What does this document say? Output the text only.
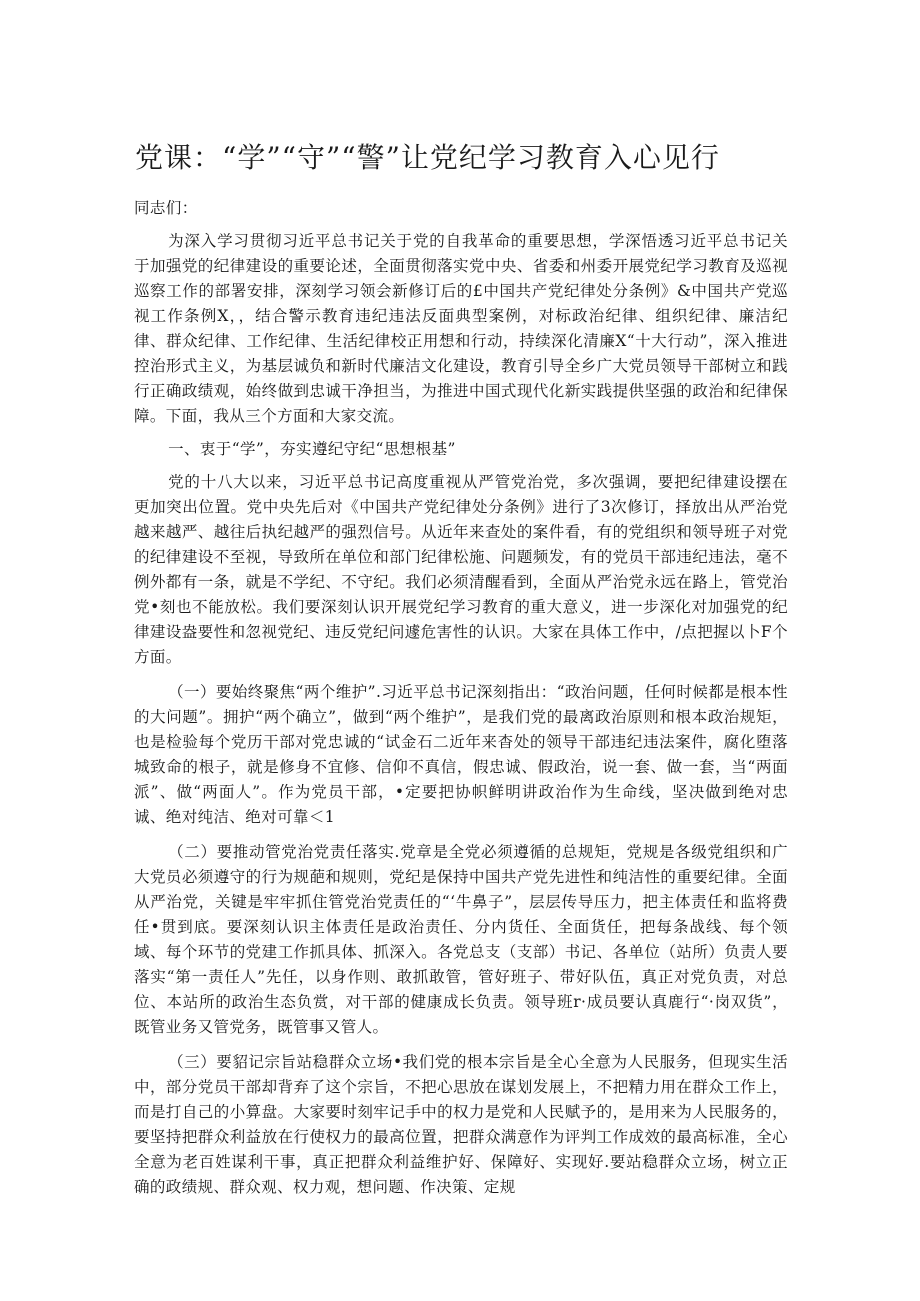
党课：“学”“守”“警”让党纪学习教育入心见行

同志们：

为深入学习贯彻习近平总书记关于党的自我革命的重要思想，学深悟透习近平总书记关于加强党的纪律建设的重要论述，全面贯彻落实党中央、省委和州委开展党纪学习教育及巡视巡察工作的部署安排，深刻学习领会新修订后的£中国共产党纪律处分条例》&中国共产党巡视工作条例X，，结合警示教育违纪违法反面典型案例，对标政治纪律、组织纪律、廉洁纪律、群众纪律、工作纪律、生活纪律校正用想和行动，持续深化清廉X“十大行动”，深入推进控治形式主义，为基层诚负和新时代廉洁文化建设，教育引导全乡广大党员领导干部树立和践行正确政绩观，始终做到忠诚干净担当，为推进中国式现代化新实践提供坚强的政治和纪律保障。下面，我从三个方面和大家交流。

一、衷于“学”，夯实遵纪守纪“思想根基”

党的十八大以来，习近平总书记高度重视从严管党治党，多次强调，要把纪律建设摆在更加突出位置。党中央先后对《中国共产党纪律处分条例》进行了3次修订，择放出从严治党越来越严、越往后执纪越严的强烈信号。从近年来查处的案件看，有的党组织和领导班子对党的纪律建设不至视，导致所在单位和部门纪律松施、问题频发，有的党员干部违纪违法，毫不例外都有一条，就是不学纪、不守纪。我们必须清醒看到，全面从严治党永远在路上，管党治党•刻也不能放松。我们要深刻认识开展党纪学习教育的重大意义，进一步深化对加强党的纪律建设盎要性和忽视党纪、违反党纪问遽危害性的认识。大家在具体工作中，/点把握以卜F个方面。

（一）要始终聚焦“两个维护”.习近平总书记深刻指出：“政治问题，任何时候都是根本性的大问题”。拥护“两个确立”，做到“两个维护”，是我们党的最离政治原则和根本政治规矩，也是检验每个党历干部对党忠诚的“试金石二近年来杳处的领导干部违纪违法案件，腐化堕落城致命的根子，就是修身不宜修、信仰不真信，假忠诚、假政治，说一套、做一套，当“两面派”、做“两面人”。作为党员干部，•定要把协帜鲜明讲政治作为生命线，坚决做到绝对忠诚、绝对纯洁、绝对可靠＜1

（二）要推动管党治党责任落实.党章是全党必须遵循的总规矩，党规是各级党组织和广大党员必须遵守的行为规葩和规则，党纪是保持中国共产党先进性和纯洁性的重要纪律。全面从严治党，关键是牢牢抓住管党治党责任的“‘牛鼻子”，层层传导压力，把主体责任和监将费任•贯到底。要深刻认识主体责任是政治责任、分内货任、全面货任，把每条战线、每个领域、每个环节的党建工作抓具体、抓深入。各党总支（支部）书记、各单位（站所）负责人要落实“第一责任人”先任，以身作则、敢抓敢管，管好班子、带好队伍，真正对党负责，对总位、本站所的政治生态负赏，对干部的健康成长负责。领导班r·成员要认真鹿行“·岗双货”，既管业务又管党务，既管事又管人。

（三）要貂记宗旨站稳群众立场•我们党的根本宗旨是全心全意为人民服务，但现实生活中，部分党员干部却背弃了这个宗旨，不把心思放在谋划发展上，不把精力用在群众工作上，而是打自己的小算盘。大家要时刻牢记手中的权力是党和人民赋予的，是用来为人民服务的，要坚持把群众利益放在行使权力的最高位置，把群众满意作为评判工作成效的最高标准，全心全意为老百姓谋利干事，真正把群众利益维护好、保障好、实现好.要站稳群众立场，树立正确的政绩规、群众观、权力观，想问题、作决策、定规
